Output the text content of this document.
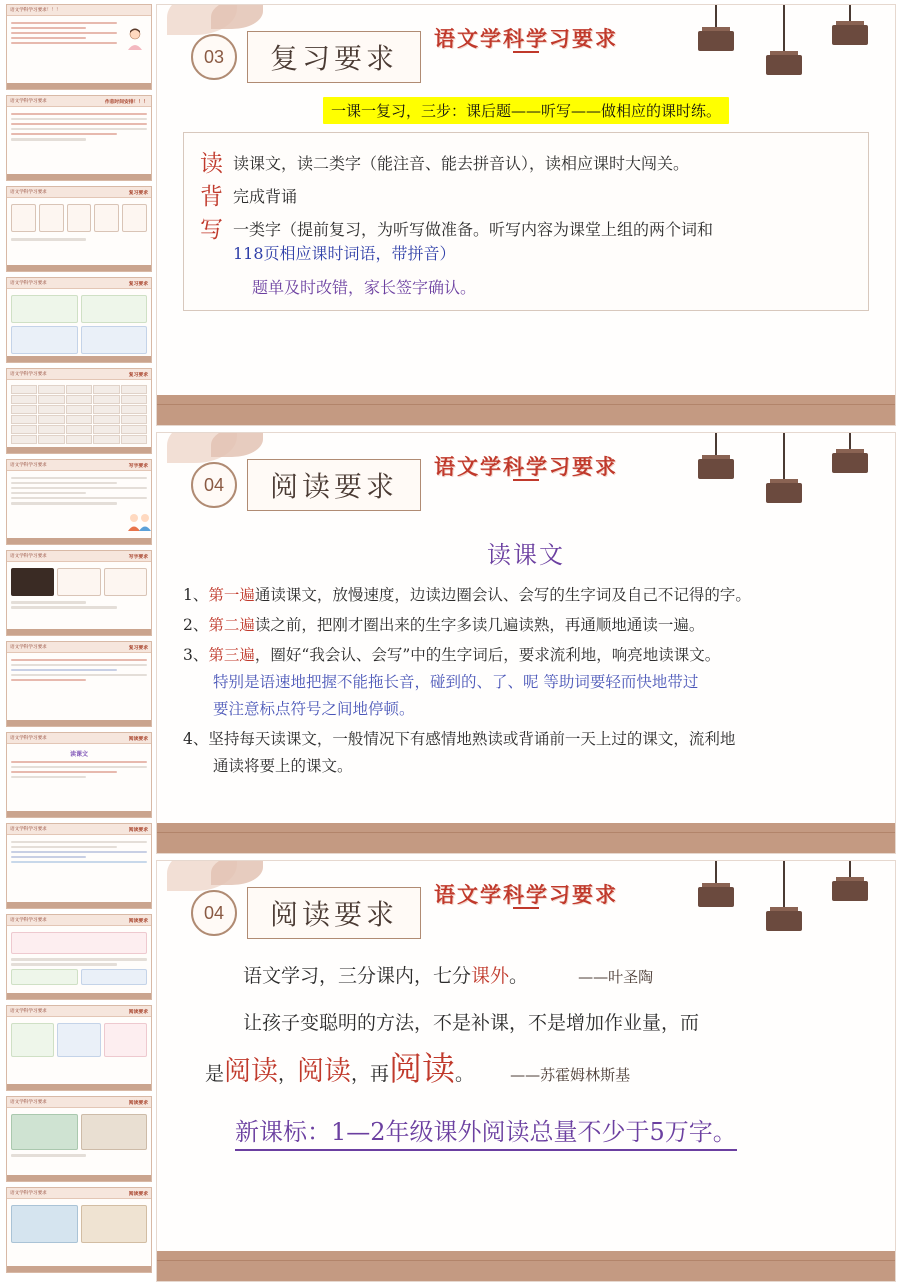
语文学科学习要求！！！
语文学科学习要求	作息时间安排！！！
语文学科学习要求	复习要求
语文学科学习要求	复习要求
语文学科学习要求	复习要求
语文学科学习要求	写字要求
语文学科学习要求	写字要求
语文学科学习要求	复习要求
语文学科学习要求	阅读要求
读课文
语文学科学习要求	阅读要求
语文学科学习要求	阅读要求
语文学科学习要求	阅读要求
语文学科学习要求	阅读要求
语文学科学习要求	阅读要求
语文学科学习要求
03	复习要求
一课一复习，三步：课后题——听写——做相应的课时练。
读 读课文，读二类字（能注音、能去拼音认），读相应课时大闯关。
背 完成背诵
写 一类字（提前复习，为听写做准备。听写内容为课堂上组的两个词和
118页相应课时词语，带拼音）
题单及时改错，家长签字确认。
语文学科学习要求
04	阅读要求
读课文
1、第一遍通读课文，放慢速度，边读边圈会认、会写的生字词及自己不记得的字。
2、第二遍读之前，把刚才圈出来的生字多读几遍读熟，再通顺地通读一遍。
3、第三遍，圈好“我会认、会写”中的生字词后，要求流利地，响亮地读课文。
特别是语速地把握不能拖长音，碰到的、了、呢 等助词要轻而快地带过
要注意标点符号之间地停顿。
4、坚持每天读课文，一般情况下有感情地熟读或背诵前一天上过的课文，流利地
通读将要上的课文。
语文学科学习要求
04	阅读要求
语文学习，三分课内，七分课外。	——叶圣陶
让孩子变聪明的方法，不是补课，不是增加作业量，而
是阅读，阅读，再阅读。 ——苏霍姆林斯基
新课标：1—2年级课外阅读总量不少于5万字。
